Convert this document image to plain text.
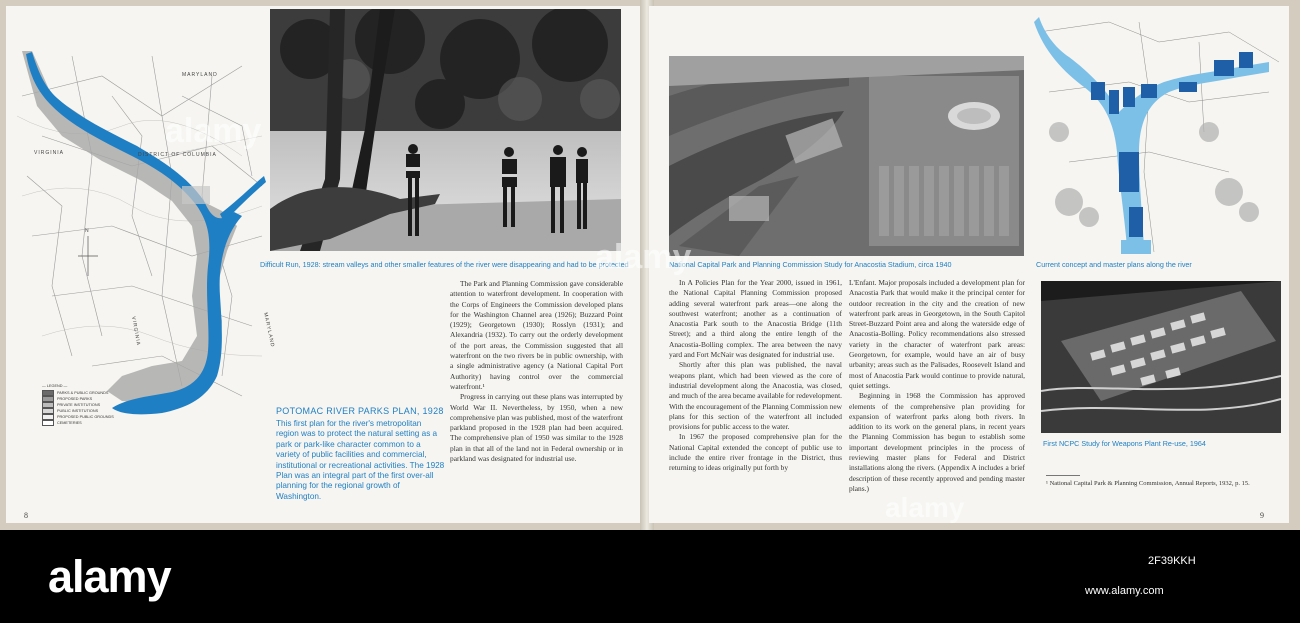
N
MARYLAND
VIRGINIA	DISTRICT OF COLUMBIA
VIRGINIA	MARYLAND
— LEGEND —
PARKS & PUBLIC GROUNDS
PROPOSED PARKS
PRIVATE INSTITUTIONS
PUBLIC INSTITUTIONS
PROPOSED PUBLIC GROUNDS
CEMETERIES
Difficult Run, 1928: stream valleys and other smaller features of the river were disappearing and had to be protected
POTOMAC RIVER PARKS PLAN, 1928

This first plan for the river's metropolitan region was to protect the natural setting as a park or park-like character common to a variety of public facilities and commercial, institutional or recreational activities. The 1928 Plan was an integral part of the first over-all planning for the regional growth of Washington.

The Park and Planning Commission gave considerable attention to waterfront development. In cooperation with the Corps of Engineers the Commission developed plans for the Washington Channel area (1926); Buzzard Point (1929); Georgetown (1930); Rosslyn (1931); and Alexandria (1932). To carry out the orderly development of the port areas, the Commission suggested that all waterfront on the two rivers be in public ownership, with a single administrative agency (a National Capital Port Authority) having control over the commercial waterfront.¹

Progress in carrying out these plans was interrupted by World War II. Nevertheless, by 1950, when a new comprehensive plan was published, most of the waterfront parkland proposed in the 1928 plan had been acquired. The comprehensive plan of 1950 was similar to the 1928 plan in that all of the land not in Federal ownership or in parkland was designated for industrial use.

8
National Capital Park and Planning Commission Study for Anacostia Stadium, circa 1940	Current concept and master plans along the river

In A Policies Plan for the Year 2000, issued in 1961, the National Capital Planning Commission proposed adding several waterfront park areas—one along the southwest waterfront; another as a continuation of Anacostia Park south to the Anacostia Bridge (11th Street); and a third along the entire length of the Anacostia-Bolling complex. The area between the navy yard and Fort McNair was designated for industrial use.

Shortly after this plan was published, the naval weapons plant, which had been viewed as the core of industrial development along the Anacostia, was closed, and much of the area became available for redevelopment. With the encouragement of the Planning Commission new plans for this section of the waterfront all included provisions for public access to the water.

In 1967 the proposed comprehensive plan for the National Capital extended the concept of public use to include the entire river frontage in the District, thus returning to ideas originally put forth by

L'Enfant. Major proposals included a development plan for Anacostia Park that would make it the principal center for outdoor recreation in the city and the creation of new waterfront park areas in Georgetown, in the South Capitol Street-Buzzard Point area and along the waterside edge of Anacostia-Bolling. Policy recommendations also stressed variety in the character of waterfront park areas: Georgetown, for example, would have an air of busy urbanity; areas such as the Palisades, Roosevelt Island and most of Anacostia Park would continue to provide natural, quiet settings.

Beginning in 1968 the Commission has approved elements of the comprehensive plan providing for expansion of waterfront parks along both rivers. In addition to its work on the general plans, in recent years the Planning Commission has begun to establish some important development principles in the process of reviewing master plans for Federal and District installations along the rivers. (Appendix A includes a brief description of these recently approved and pending master plans.)

First NCPC Study for Weapons Plant Re-use, 1964

¹ National Capital Park & Planning Commission, Annual Reports, 1932, p. 15.

9
alamy
alamy
alamy
alamy	2F39KKH
www.alamy.com
